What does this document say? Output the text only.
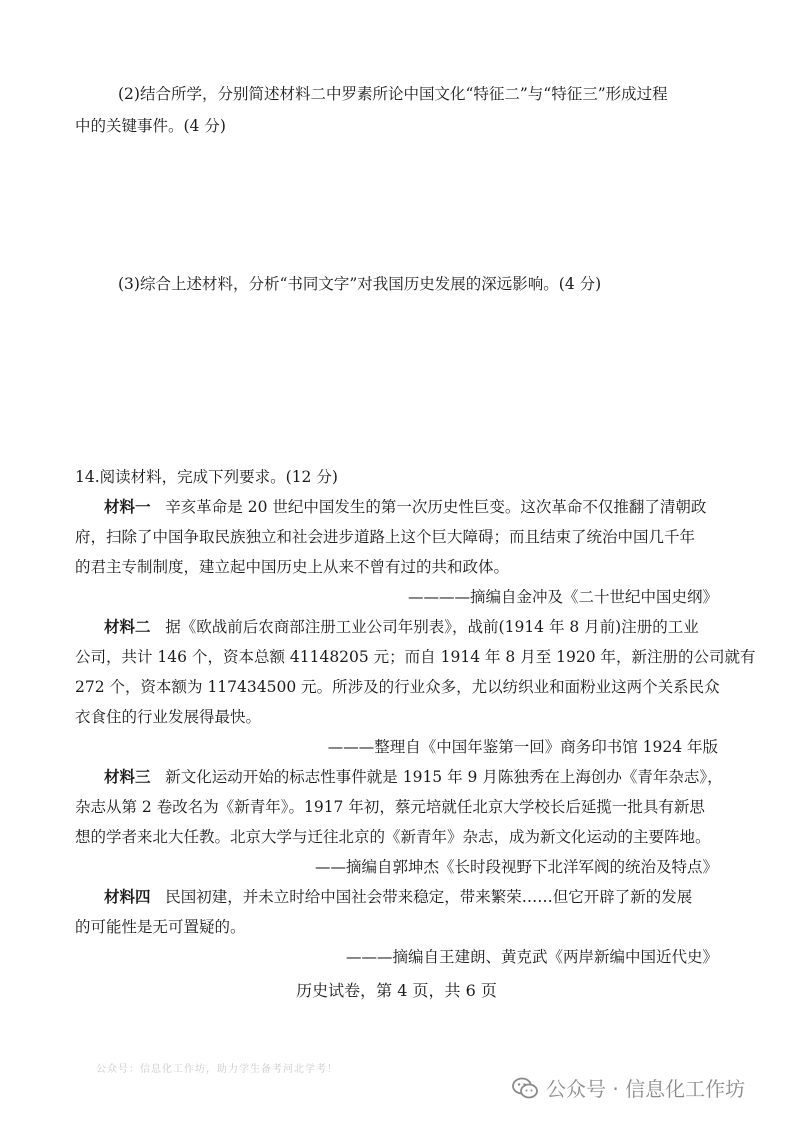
(2)结合所学，分别简述材料二中罗素所论中国文化“特征二”与“特征三”形成过程
中的关键事件。(4 分)
(3)综合上述材料，分析“书同文字”对我国历史发展的深远影响。(4 分)
14.阅读材料，完成下列要求。(12 分)
材料一 辛亥革命是 20 世纪中国发生的第一次历史性巨变。这次革命不仅推翻了清朝政
府，扫除了中国争取民族独立和社会进步道路上这个巨大障碍；而且结束了统治中国几千年
的君主专制制度，建立起中国历史上从来不曾有过的共和政体。
————摘编自金冲及《二十世纪中国史纲》
材料二 据《欧战前后农商部注册工业公司年别表》，战前(1914 年 8 月前)注册的工业
公司，共计 146 个，资本总额 41148205 元；而自 1914 年 8 月至 1920 年，新注册的公司就有
272 个，资本额为 117434500 元。所涉及的行业众多，尤以纺织业和面粉业这两个关系民众
衣食住的行业发展得最快。
———整理自《中国年鉴第一回》商务印书馆 1924 年版
材料三 新文化运动开始的标志性事件就是 1915 年 9 月陈独秀在上海创办《青年杂志》，
杂志从第 2 卷改名为《新青年》。1917 年初，蔡元培就任北京大学校长后延揽一批具有新思
想的学者来北大任教。北京大学与迁往北京的《新青年》杂志，成为新文化运动的主要阵地。
——摘编自郭坤杰《长时段视野下北洋军阀的统治及特点》
材料四 民国初建，并未立时给中国社会带来稳定，带来繁荣……但它开辟了新的发展
的可能性是无可置疑的。
———摘编自王建朗、黄克武《两岸新编中国近代史》
历史试卷，第 4 页，共 6 页
公众号：信息化工作坊，助力学生备考河北学考！
公众号 · 信息化工作坊
